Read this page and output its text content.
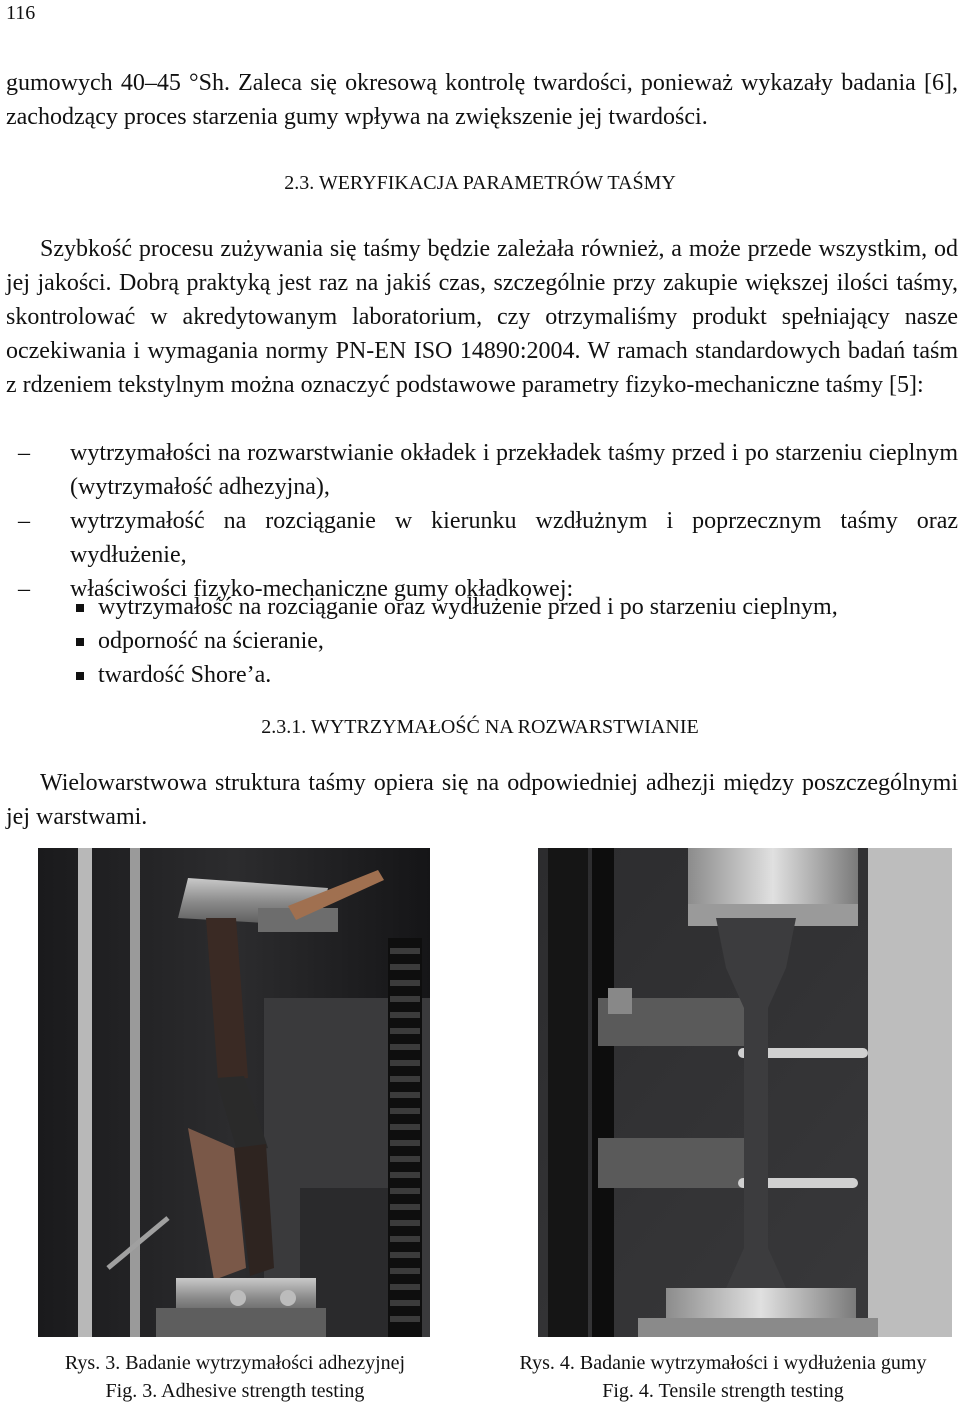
116

gumowych 40–45 °Sh. Zaleca się okresową kontrolę twardości, ponieważ wykazały badania [6], zachodzący proces starzenia gumy wpływa na zwiększenie jej twardości.

2.3. WERYFIKACJA PARAMETRÓW TAŚMY

Szybkość procesu zużywania się taśmy będzie zależała również, a może przede wszystkim, od jej jakości. Dobrą praktyką jest raz na jakiś czas, szczególnie przy zakupie większej ilości taśmy, skontrolować w akredytowanym laboratorium, czy otrzymaliśmy produkt spełniający nasze oczekiwania i wymagania normy PN-EN ISO 14890:2004. W ramach standardowych badań taśm z rdzeniem tekstylnym można oznaczyć podstawowe parametry fizyko-mechaniczne taśmy [5]:

– wytrzymałości na rozwarstwianie okładek i przekładek taśmy przed i po starzeniu cieplnym (wytrzymałość adhezyjna),
– wytrzymałość na rozciąganie w kierunku wzdłużnym i poprzecznym taśmy oraz wydłużenie,
– właściwości fizyko-mechaniczne gumy okładkowej:
wytrzymałość na rozciąganie oraz wydłużenie przed i po starzeniu cieplnym,
odporność na ścieranie,
twardość Shore’a.
2.3.1. WYTRZYMAŁOŚĆ NA ROZWARSTWIANIE

Wielowarstwowa struktura taśmy opiera się na odpowiedniej adhezji między poszczególnymi jej warstwami.

Rys. 3. Badanie wytrzymałości adhezyjnej
Fig. 3. Adhesive strength testing
Rys. 4. Badanie wytrzymałości i wydłużenia gumy
Fig. 4. Tensile strength testing
